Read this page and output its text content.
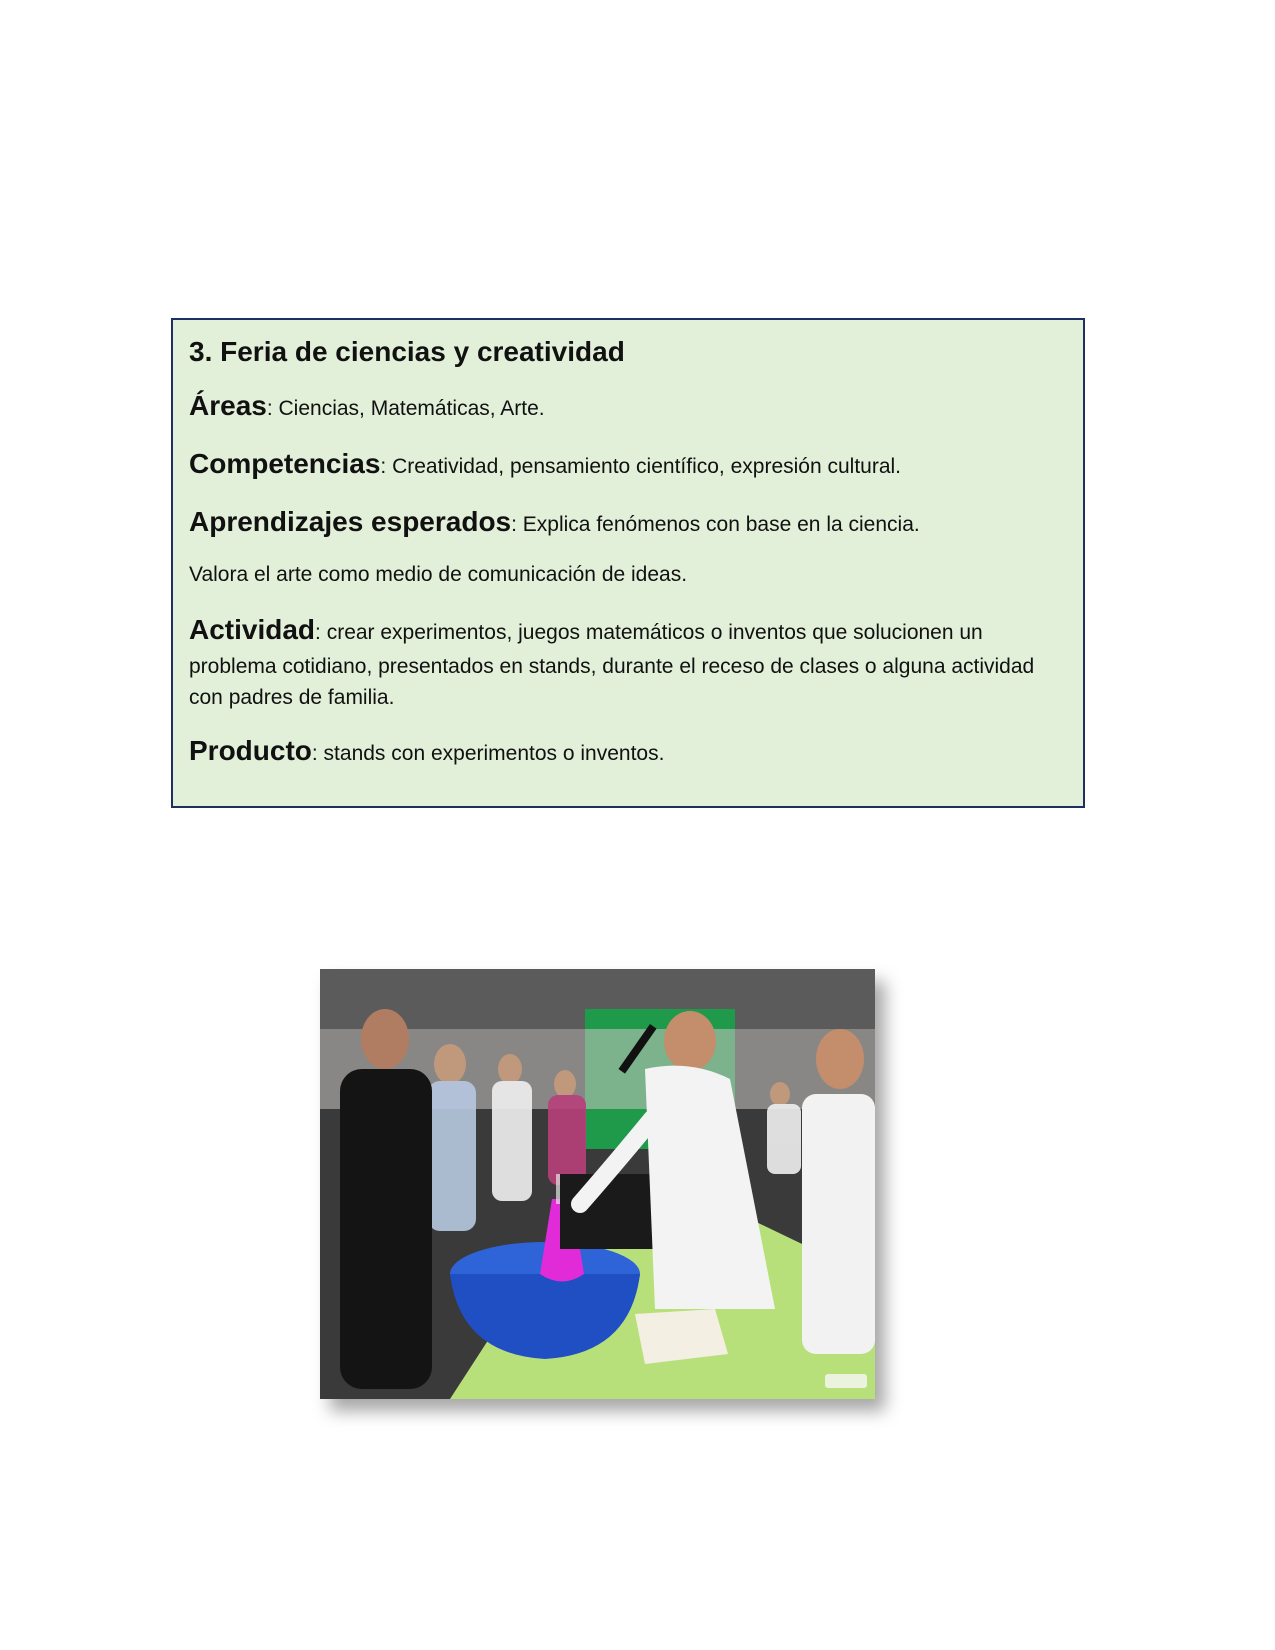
3. Feria de ciencias y creatividad

Áreas: Ciencias, Matemáticas, Arte.

Competencias: Creatividad, pensamiento científico, expresión cultural.

Aprendizajes esperados: Explica fenómenos con base en la ciencia.

Valora el arte como medio de comunicación de ideas.

Actividad: crear experimentos, juegos matemáticos o inventos que solucionen un problema cotidiano, presentados en stands, durante el receso de clases o alguna actividad con padres de familia.

Producto: stands con experimentos o inventos.
